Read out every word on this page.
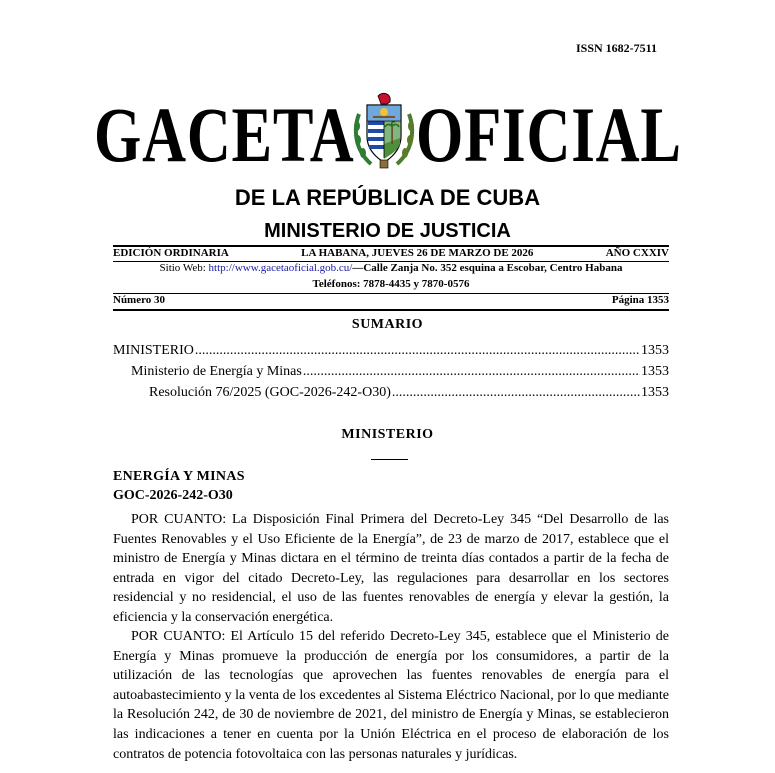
ISSN 1682-7511
GACETA OFICIAL
DE LA REPÚBLICA DE CUBA
MINISTERIO DE JUSTICIA
EDICIÓN ORDINARIA	LA HABANA, JUEVES 26 DE MARZO DE 2026	AÑO CXXIV
Sitio Web: http://www.gacetaoficial.gob.cu/—Calle Zanja No. 352 esquina a Escobar, Centro Habana
Teléfonos: 7878-4435 y 7870-0576
Número 30	Página 1353
SUMARIO
MINISTERIO .....	1353
Ministerio de Energía y Minas .....	1353
Resolución 76/2025 (GOC-2026-242-O30) .....	1353
MINISTERIO
ENERGÍA Y MINAS
GOC-2026-242-O30
POR CUANTO: La Disposición Final Primera del Decreto-Ley 345 “Del Desarrollo de las Fuentes Renovables y el Uso Eficiente de la Energía”, de 23 de marzo de 2017, establece que el ministro de Energía y Minas dictara en el término de treinta días contados a partir de la fecha de entrada en vigor del citado Decreto-Ley, las regulaciones para desarrollar en los sectores residencial y no residencial, el uso de las fuentes renovables de energía y elevar la gestión, la eficiencia y la conservación energética.
POR CUANTO: El Artículo 15 del referido Decreto-Ley 345, establece que el Ministerio de Energía y Minas promueve la producción de energía por los consumidores, a partir de la utilización de las tecnologías que aprovechen las fuentes renovables de energía para el autoabastecimiento y la venta de los excedentes al Sistema Eléctrico Nacional, por lo que mediante la Resolución 242, de 30 de noviembre de 2021, del ministro de Energía y Minas, se establecieron las indicaciones a tener en cuenta por la Unión Eléctrica en el proceso de elaboración de los contratos de potencia fotovoltaica con las personas naturales y jurídicas.
